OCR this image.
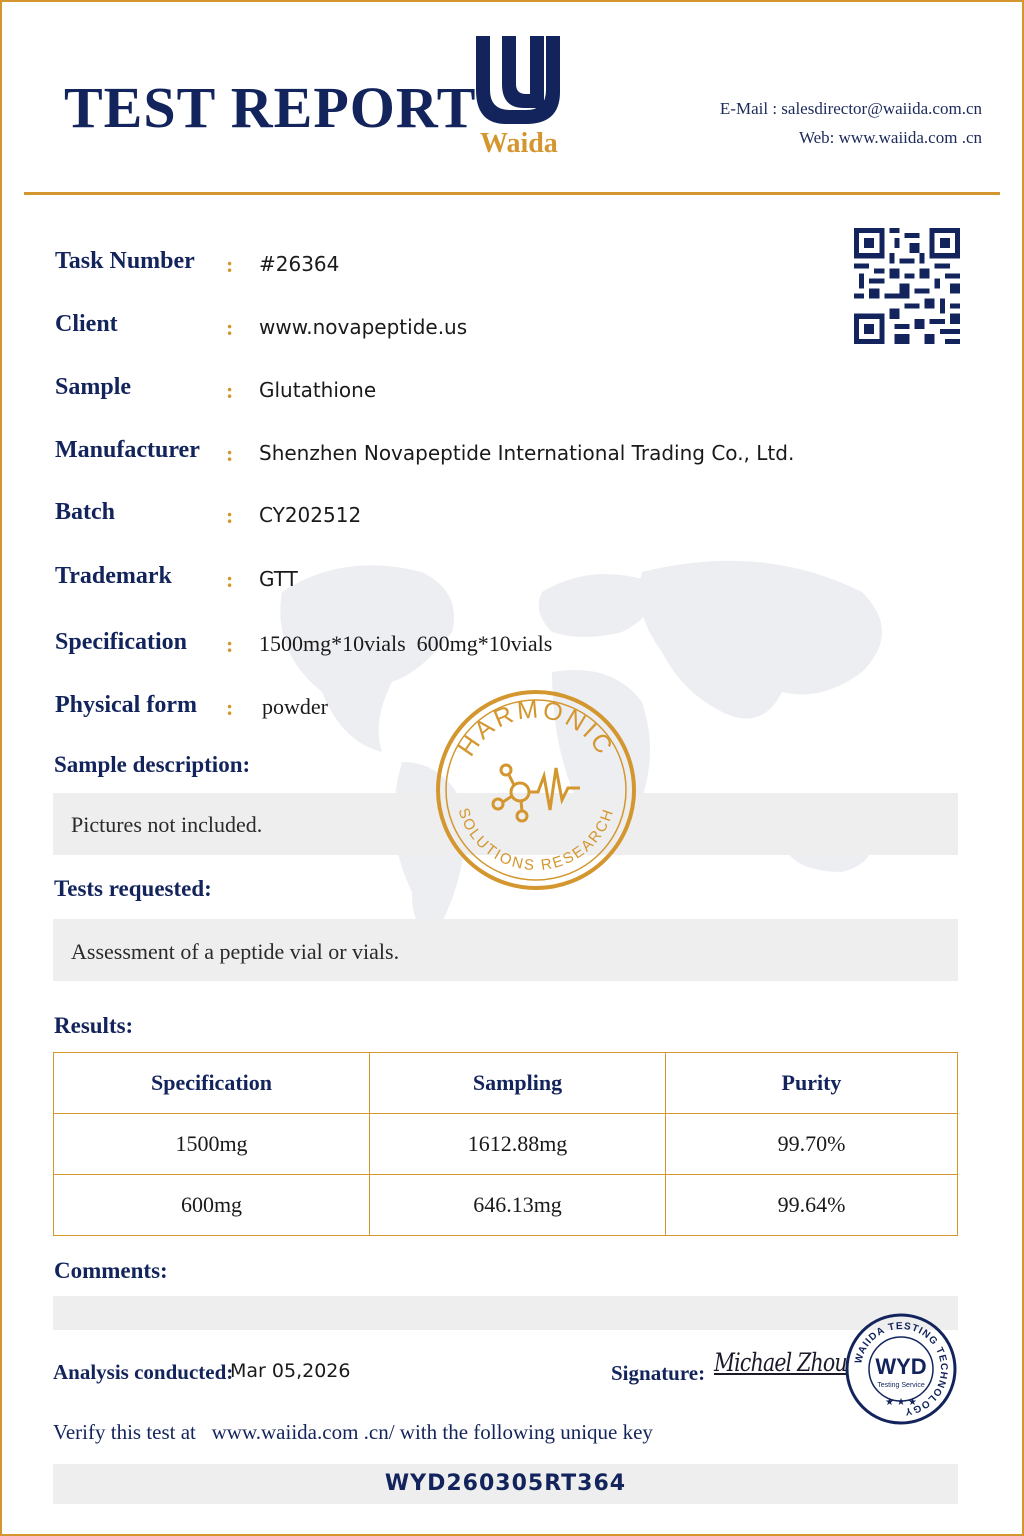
TEST REPORT
Waida
E-Mail : salesdirector@waiida.com.cn
Web: www.waiida.com .cn
Task Number : #26364
Client	: www.novapeptide.us
Sample	: Glutathione
Manufacturer : Shenzhen Novapeptide International Trading Co., Ltd.
Batch	: CY202512
Trademark : GTT
Specification : 1500mg*10vials  600mg*10vials
Physical form : powder
Sample description:
Pictures not included.
Tests requested:
Assessment of a peptide vial or vials.
Results:
Specification	Sampling	Purity
1500mg	1612.88mg	99.70%
600mg	646.13mg	99.64%
Comments:
Analysis conducted:
Mar 05,2026	Signature: Michael Zhou WAIIDA TESTING TECHNOLOGY
WYD
Testing Service
★ ★ ★
HARMONIC
SOLUTIONS RESEARCH
Verify this test at   www.waiida.com .cn/ with the following unique key
WYD260305RT364
